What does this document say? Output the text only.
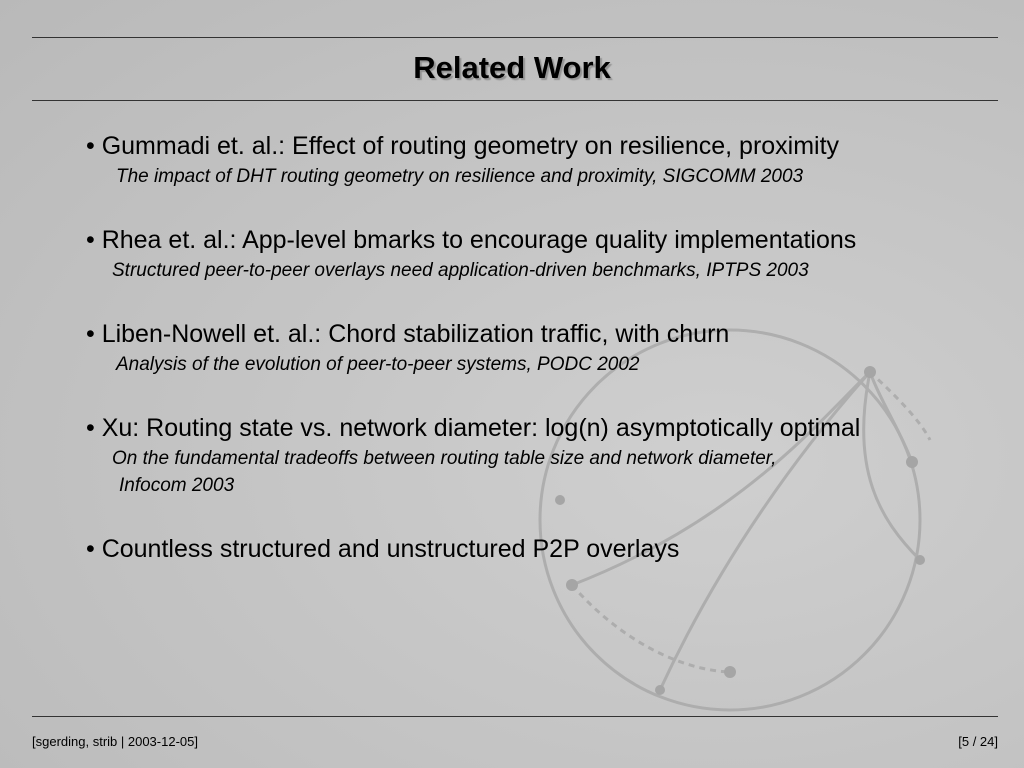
Related Work
• Gummadi et. al.: Effect of routing geometry on resilience, proximity
The impact of DHT routing geometry on resilience and proximity, SIGCOMM 2003
• Rhea et. al.: App-level bmarks to encourage quality implementations
Structured peer-to-peer overlays need application-driven benchmarks, IPTPS 2003
• Liben-Nowell et. al.: Chord stabilization traffic, with churn
Analysis of the evolution of peer-to-peer systems, PODC 2002
• Xu: Routing state vs. network diameter: log(n) asymptotically optimal
On the fundamental tradeoffs between routing table size and network diameter,
Infocom 2003
• Countless structured and unstructured P2P overlays
[sgerding, strib | 2003-12-05]	[5 / 24]
